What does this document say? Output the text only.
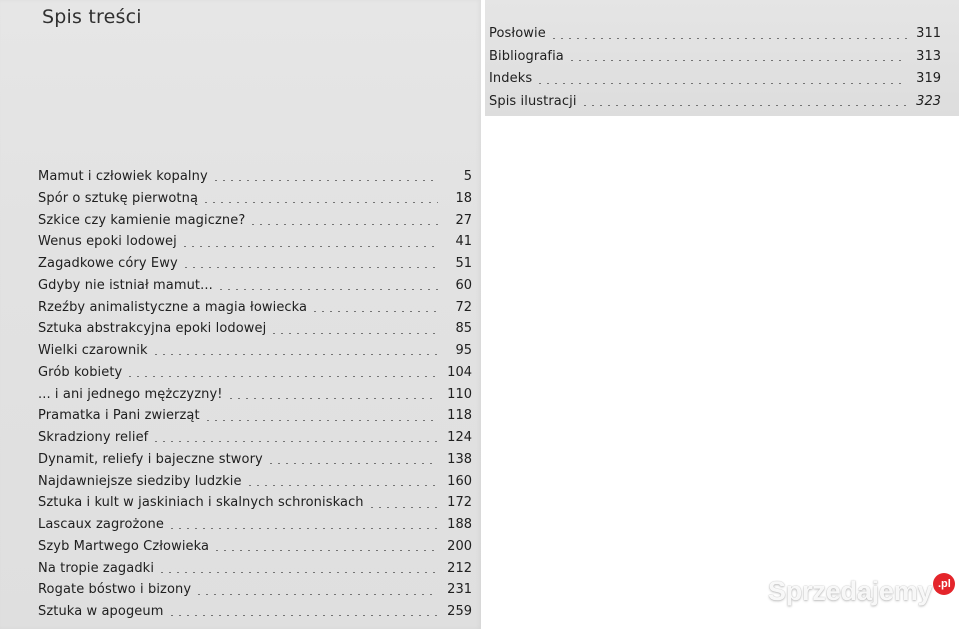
Spis treści
Mamut i człowiek kopalny	5
Spór o sztukę pierwotną	18
Szkice czy kamienie magiczne?	27
Wenus epoki lodowej	41
Zagadkowe córy Ewy	51
Gdyby nie istniał mamut...	60
Rzeźby animalistyczne a magia łowiecka	72
Sztuka abstrakcyjna epoki lodowej	85
Wielki czarownik	95
Grób kobiety	104
... i ani jednego mężczyzny!	110
Pramatka i Pani zwierząt	118
Skradziony relief	124
Dynamit, reliefy i bajeczne stwory	138
Najdawniejsze siedziby ludzkie	160
Sztuka i kult w jaskiniach i skalnych schroniskach	172
Lascaux zagrożone	188
Szyb Martwego Człowieka	200
Na tropie zagadki	212
Rogate bóstwo i bizony	231
Sztuka w apogeum	259
Posłowie	311
Bibliografia	313
Indeks	319
Spis ilustracji	323
Sprzedajemy .pl
